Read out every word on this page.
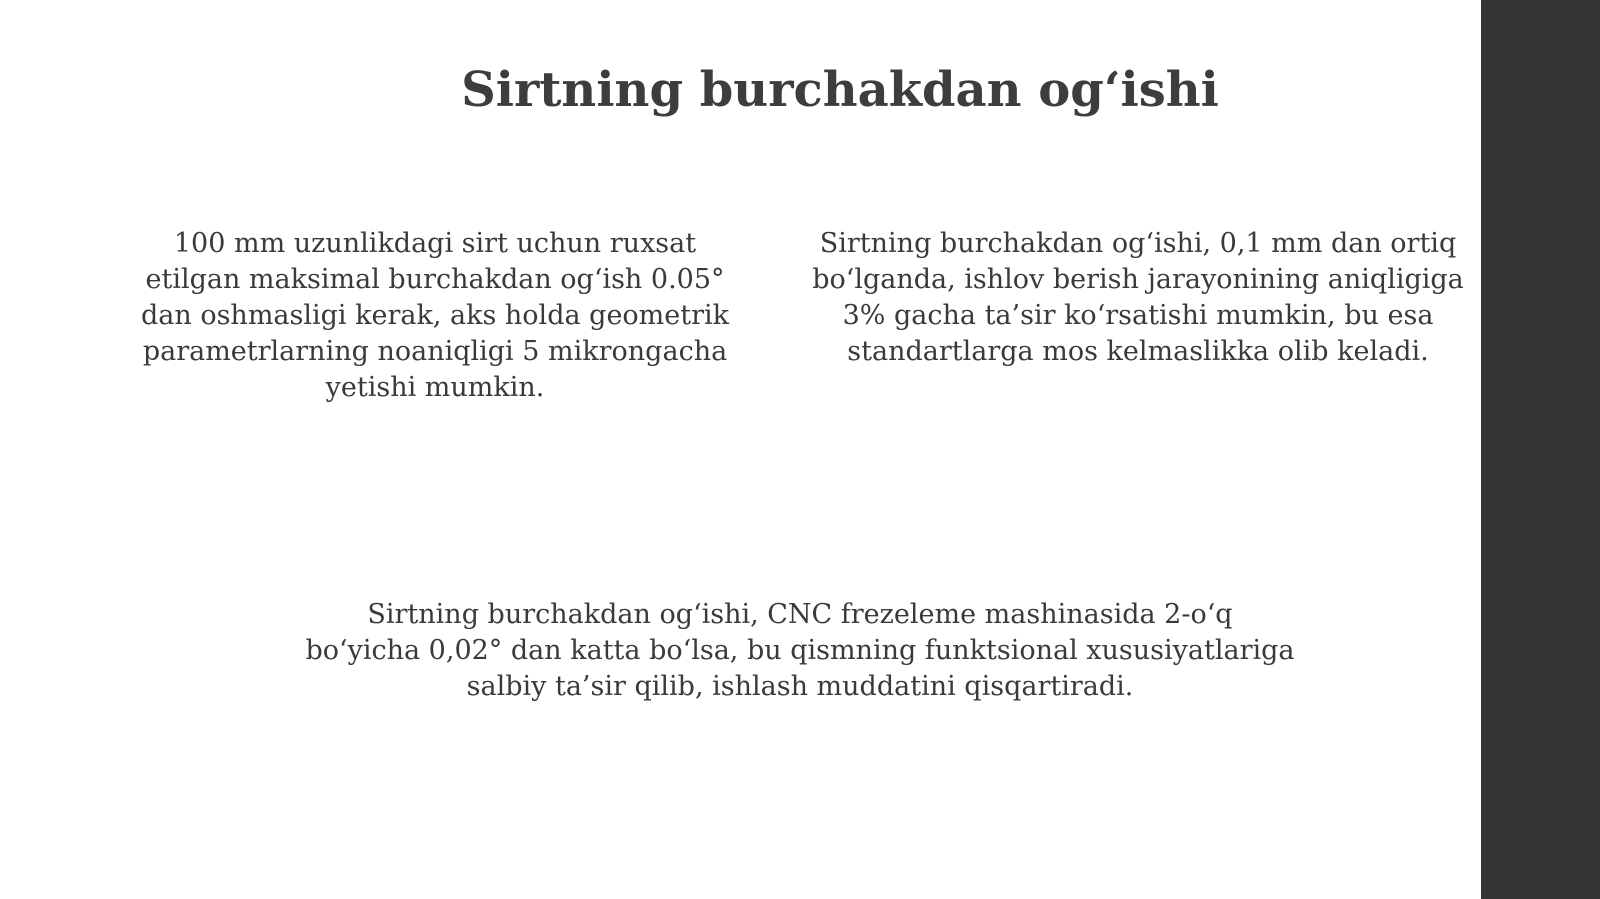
Sirtning burchakdan og‘ishi
100 mm uzunlikdagi sirt uchun ruxsat
etilgan maksimal burchakdan og‘ish 0.05°
dan oshmasligi kerak, aks holda geometrik
parametrlarning noaniqligi 5 mikrongacha
yetishi mumkin.
Sirtning burchakdan og‘ishi, 0,1 mm dan ortiq
bo‘lganda, ishlov berish jarayonining aniqligiga
3% gacha ta’sir ko‘rsatishi mumkin, bu esa
standartlarga mos kelmaslikka olib keladi.
Sirtning burchakdan og‘ishi, CNC frezeleme mashinasida 2-o‘q
bo‘yicha 0,02° dan katta bo‘lsa, bu qismning funktsional xususiyatlariga
salbiy ta’sir qilib, ishlash muddatini qisqartiradi.
